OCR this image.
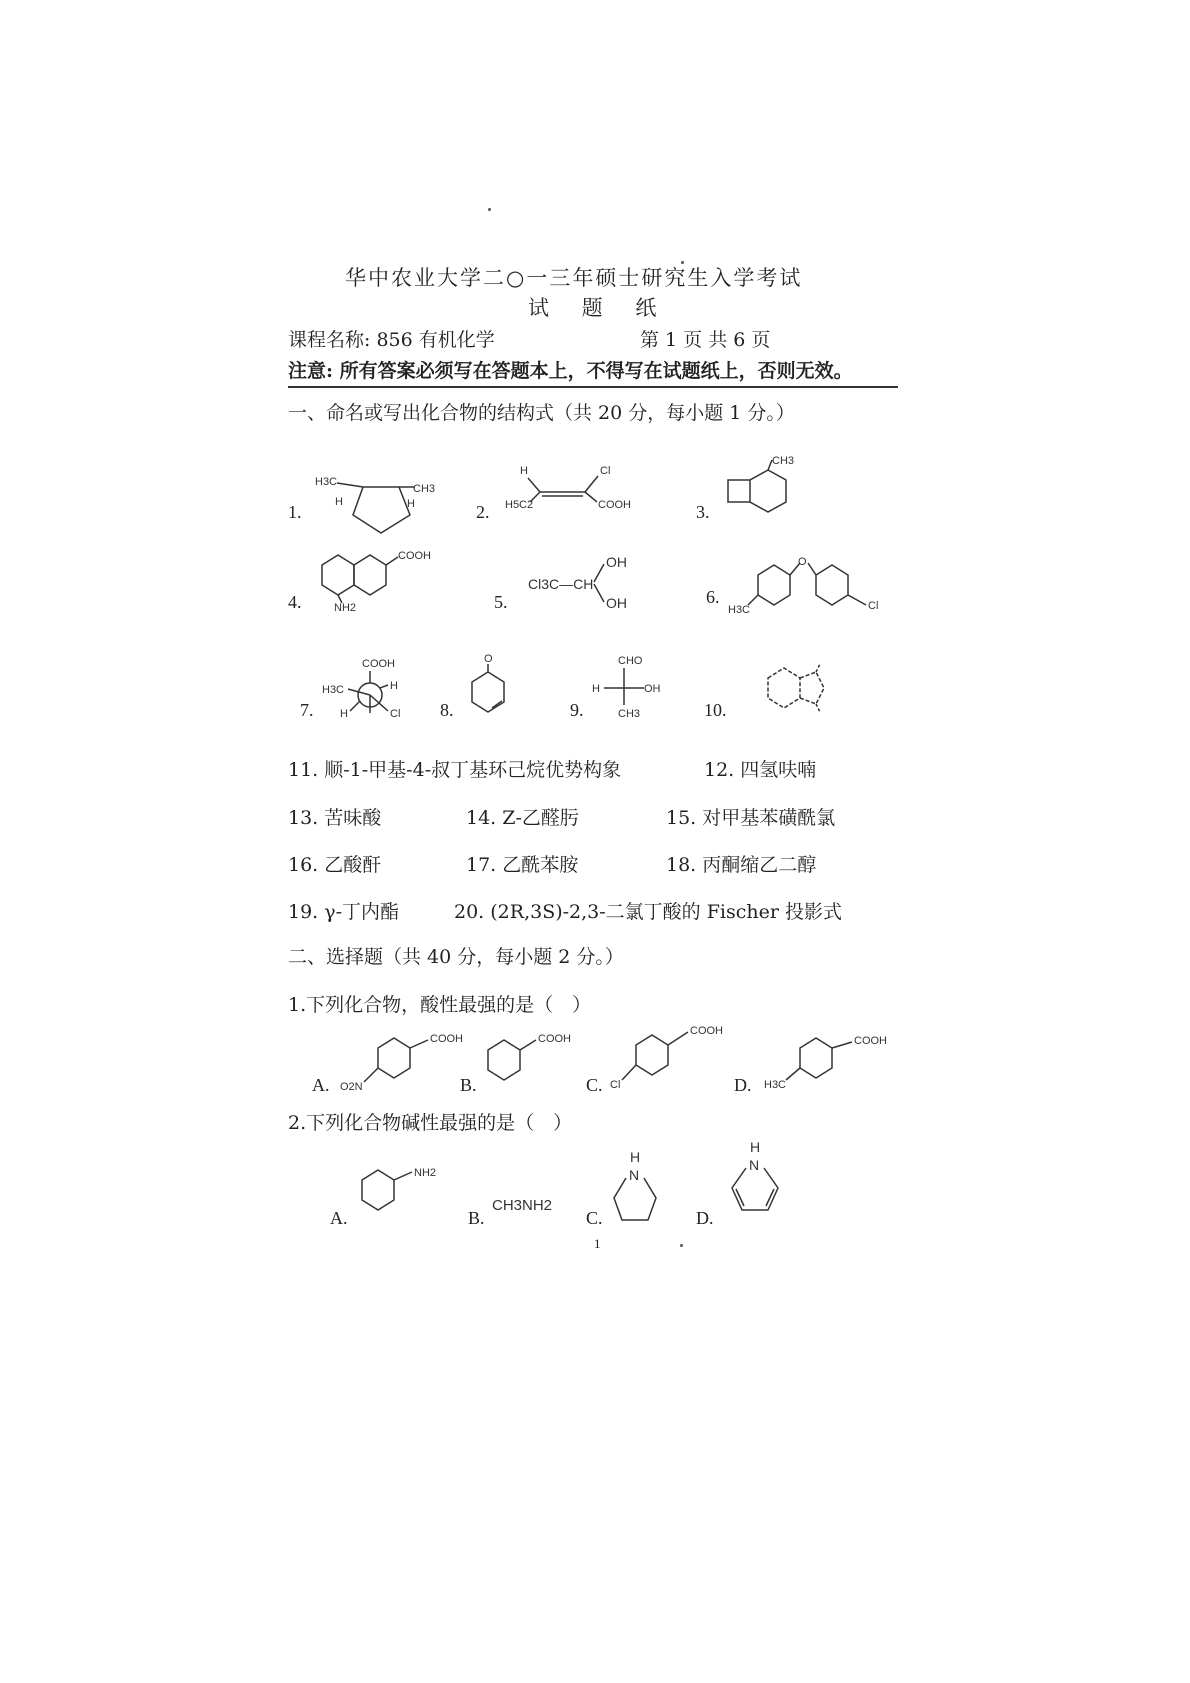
华中农业大学二○一三年硕士研究生入学考试
试 题 纸
课程名称: 856 有机化学	第 1 页 共 6 页
注意: 所有答案必须写在答题本上，不得写在试题纸上，否则无效。
一、命名或写出化合物的结构式（共 20 分，每小题 1 分。）
1.
H3C
CH3
H	H	2.
H	Cl
H5C2	COOH	3.
CH3
4.
COOH
NH2	5.
OH
Cl3C—CH
OH	6.
O
H3C	Cl
7.
COOH
H3C	H
H	Cl 8.
O
9.
CHO
H	OH
CH3	10.
11. 顺-1-甲基-4-叔丁基环己烷优势构象	12. 四氢呋喃
13. 苦味酸	14. Z-乙醛肟	15. 对甲基苯磺酰氯
16. 乙酸酐	17. 乙酰苯胺	18. 丙酮缩乙二醇
19. γ-丁内酯	20. (2R,3S)-2,3-二氯丁酸的 Fischer 投影式
二、选择题（共 40 分，每小题 2 分。）
1.下列化合物，酸性最强的是（　）
A.
COOH
O2N	B.
COOH
C.
COOH
Cl	D.
COOH
H3C
2.下列化合物碱性最强的是（　）
A.
NH2
B.
CH3NH2
C.
H
N
D.
H
N
1
